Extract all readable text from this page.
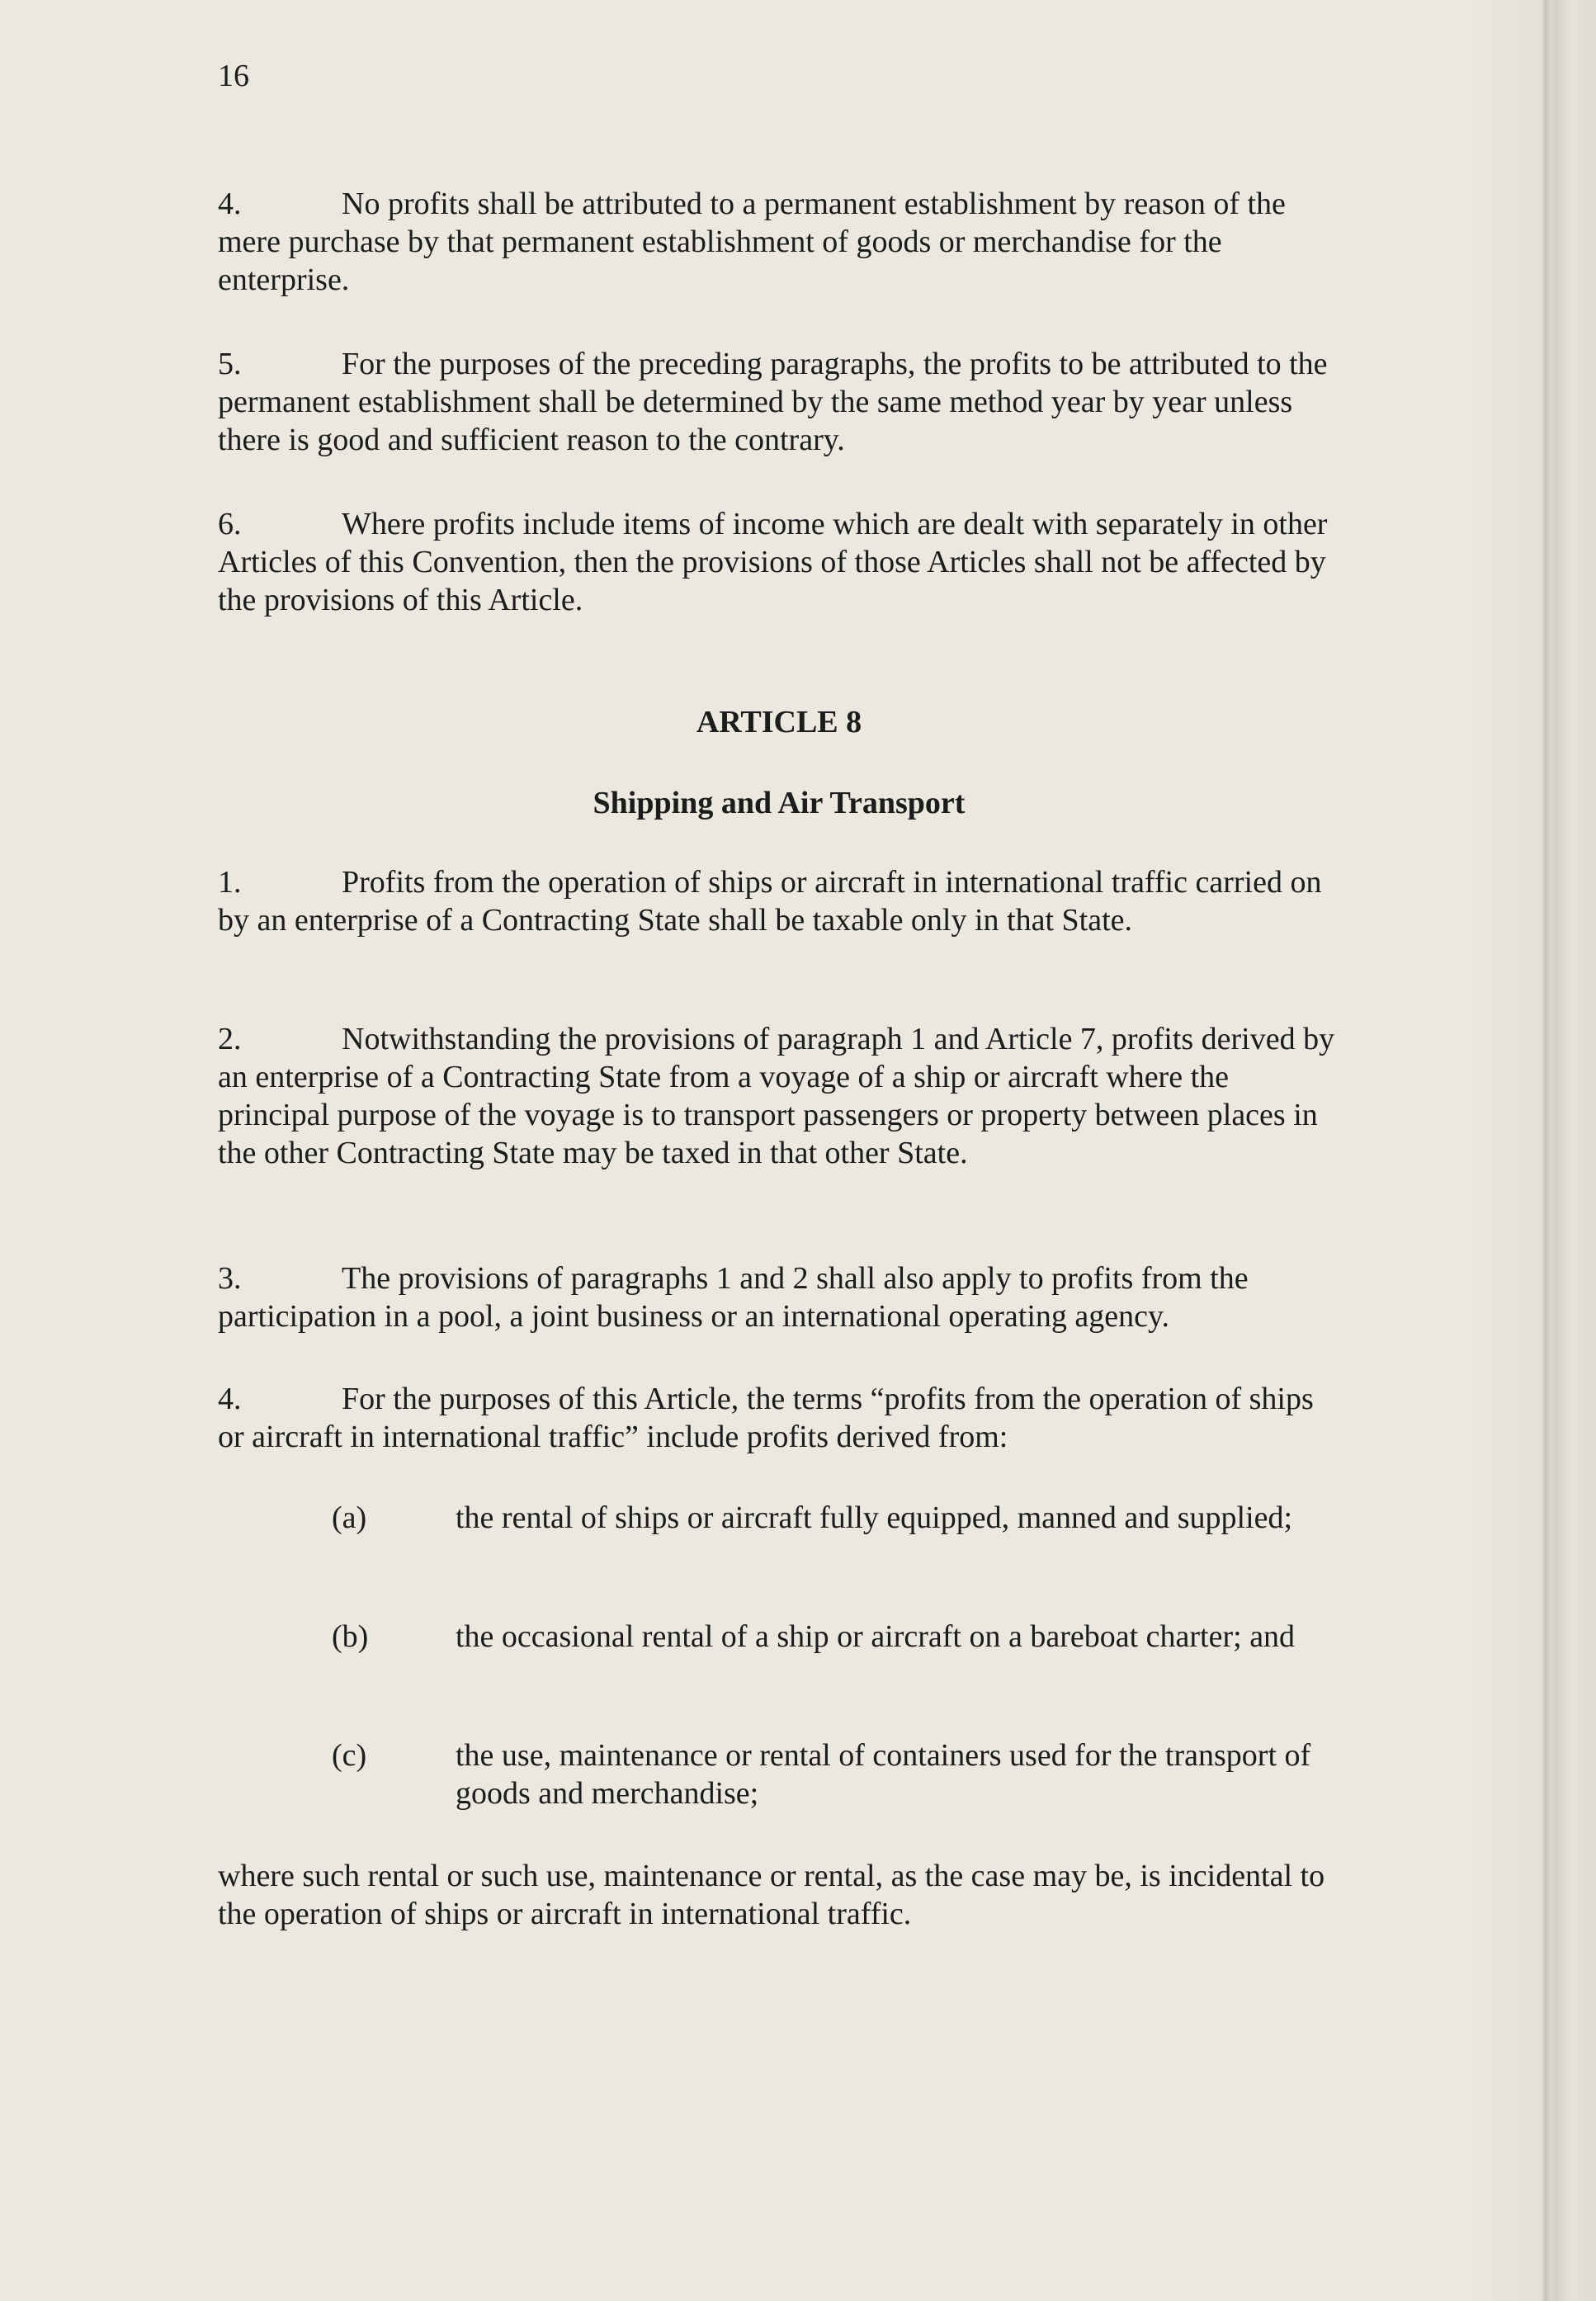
16
4.	No profits shall be attributed to a permanent establishment by reason of the mere purchase by that permanent establishment of goods or merchandise for the enterprise.
5.	For the purposes of the preceding paragraphs, the profits to be attributed to the permanent establishment shall be determined by the same method year by year unless there is good and sufficient reason to the contrary.
6.	Where profits include items of income which are dealt with separately in other Articles of this Convention, then the provisions of those Articles shall not be affected by the provisions of this Article.
ARTICLE 8
Shipping and Air Transport
1.	Profits from the operation of ships or aircraft in international traffic carried on by an enterprise of a Contracting State shall be taxable only in that State.
2.	Notwithstanding the provisions of paragraph 1 and Article 7, profits derived by an enterprise of a Contracting State from a voyage of a ship or aircraft where the principal purpose of the voyage is to transport passengers or property between places in the other Contracting State may be taxed in that other State.
3.	The provisions of paragraphs 1 and 2 shall also apply to profits from the participation in a pool, a joint business or an international operating agency.
4.	For the purposes of this Article, the terms “profits from the operation of ships or aircraft in international traffic” include profits derived from:
(a)	the rental of ships or aircraft fully equipped, manned and supplied;
(b)	the occasional rental of a ship or aircraft on a bareboat charter; and
(c)	the use, maintenance or rental of containers used for the transport of goods and merchandise;
where such rental or such use, maintenance or rental, as the case may be, is incidental to the operation of ships or aircraft in international traffic.
